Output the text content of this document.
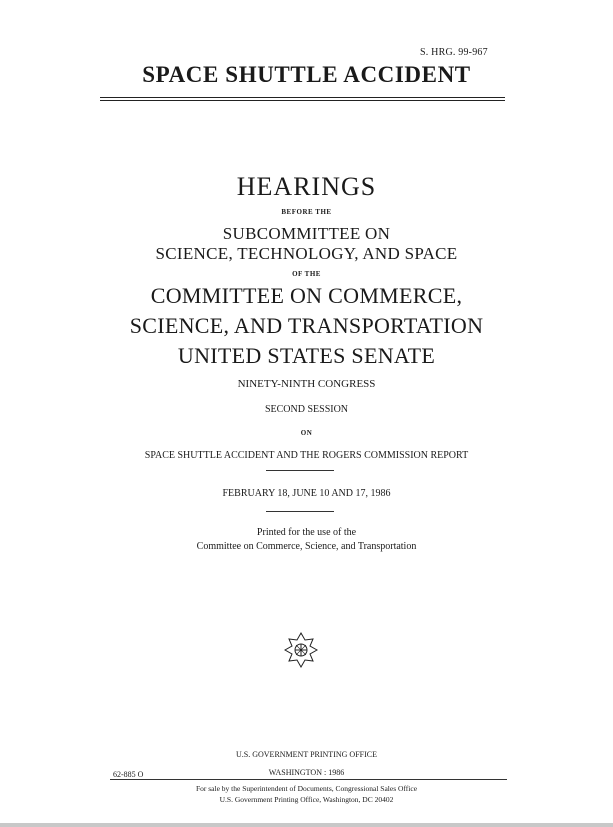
S. HRG. 99-967
SPACE SHUTTLE ACCIDENT
HEARINGS
BEFORE THE
SUBCOMMITTEE ON
SCIENCE, TECHNOLOGY, AND SPACE
OF THE
COMMITTEE ON COMMERCE,
SCIENCE, AND TRANSPORTATION
UNITED STATES SENATE
NINETY-NINTH CONGRESS
SECOND SESSION
ON
SPACE SHUTTLE ACCIDENT AND THE ROGERS COMMISSION REPORT
FEBRUARY 18, JUNE 10 AND 17, 1986
Printed for the use of the
Committee on Commerce, Science, and Transportation
U.S. GOVERNMENT PRINTING OFFICE
62-885 O	WASHINGTON : 1986
For sale by the Superintendent of Documents, Congressional Sales Office
U.S. Government Printing Office, Washington, DC 20402
